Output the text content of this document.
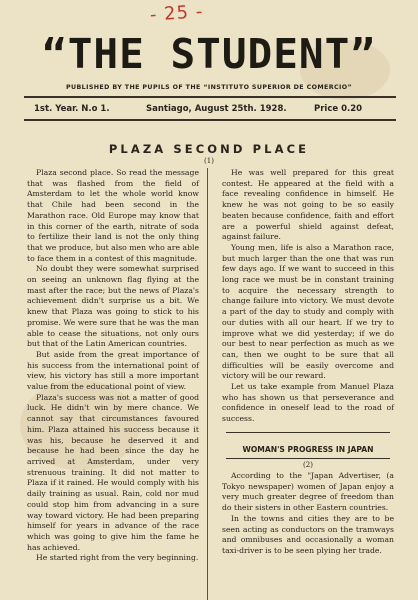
- 25 -
“THE STUDENT”
PUBLISHED BY THE PUPILS OF THE “INSTITUTO SUPERIOR DE COMERCIO”
1st. Year. N.o 1.	Santiago, August 25th. 1928.	Price 0.20
PLAZA SECOND PLACE
(1)

Plaza second place. So read the message that was flashed from the field of Amsterdam to let the whole world know that Chile had been second in the Marathon race. Old Europe may know that in this corner of the earth, nitrate of soda to fertilize their land is not the only thing that we produce, but also men who are able to face them in a contest of this magnitude.

No doubt they were somewhat surprised on seeing an unknown flag flying at the mast after the race; but the news of Plaza's achievement didn't surprise us a bit. We knew that Plaza was going to stick to his promise. We were sure that he was the man able to cease the situations, not only ours but that of the Latin American countries.

But aside from the great importance of his success from the international point of view, his victory has still a more important value from the educational point of view.

Plaza's success was not a matter of good luck. He didn't win by mere chance. We cannot say that circumstances favoured him. Plaza attained his success because it was his, because he deserved it and because he had been since the day he arrived at Amsterdam, under very strenuous training. It did not matter to Plaza if it rained. He would comply with his daily training as usual. Rain, cold nor mud could stop him from advancing in a sure way toward victory. He had been preparing himself for years in advance of the race which was going to give him the fame he has achieved.

He started right from the very beginning.

He was well prepared for this great contest. He appeared at the field with a face revealing confidence in himself. He knew he was not going to be so easily beaten because confidence, faith and effort are a powerful shield against defeat, against failure.

Young men, life is also a Marathon race, but much larger than the one that was run few days ago. If we want to succeed in this long race we must be in constant training to acquire the necessary strength to change failure into victory. We must devote a part of the day to study and comply with our duties with all our heart. If we try to improve what we did yesterday; if we do our best to near perfection as much as we can, then we ought to be sure that all difficulties will be easily overcome and victory will be our reward.

Let us take example from Manuel Plaza who has shown us that perseverance and confidence in oneself lead to the road of success.

WOMAN'S PROGRESS IN JAPAN
(2)

According to the "Japan Advertiser, (a Tokyo newspaper) women of Japan enjoy a very much greater degree of freedom than do their sisters in other Eastern countries.

In the towns and cities they are to be seen acting as conductors on the tramways and omnibuses and occasionally a woman taxi-driver is to be seen plying her trade.
